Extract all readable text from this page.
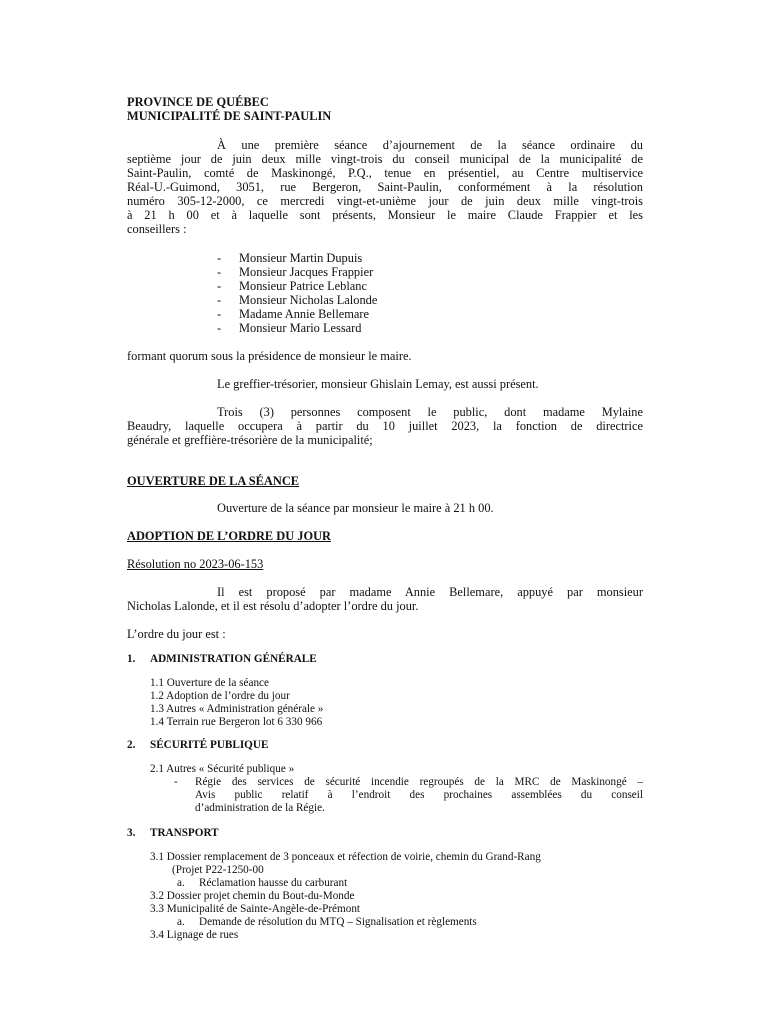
PROVINCE DE QUÉBEC
MUNICIPALITÉ DE SAINT-PAULIN
À une première séance d’ajournement de la séance ordinaire du
septième jour de juin deux mille vingt-trois du conseil municipal de la municipalité de
Saint-Paulin, comté de Maskinongé, P.Q., tenue en présentiel, au Centre multiservice
Réal-U.-Guimond, 3051, rue Bergeron, Saint-Paulin, conformément à la résolution
numéro 305-12-2000, ce mercredi vingt-et-unième jour de juin deux mille vingt-trois
à 21 h 00 et à laquelle sont présents, Monsieur le maire Claude Frappier et les
conseillers :
- Monsieur Martin Dupuis
- Monsieur Jacques Frappier
- Monsieur Patrice Leblanc
- Monsieur Nicholas Lalonde
- Madame Annie Bellemare
- Monsieur Mario Lessard
formant quorum sous la présidence de monsieur le maire.
Le greffier-trésorier, monsieur Ghislain Lemay, est aussi présent.
Trois (3) personnes composent le public, dont madame Mylaine
Beaudry, laquelle occupera à partir du 10 juillet 2023, la fonction de directrice
générale et greffière-trésorière de la municipalité;
OUVERTURE DE LA SÉANCE
Ouverture de la séance par monsieur le maire à 21 h 00.
ADOPTION DE L’ORDRE DU JOUR
Résolution no 2023-06-153
Il est proposé par madame Annie Bellemare, appuyé par monsieur
Nicholas Lalonde, et il est résolu d’adopter l’ordre du jour.
L’ordre du jour est :
1. ADMINISTRATION GÉNÉRALE
1.1 Ouverture de la séance
1.2 Adoption de l’ordre du jour
1.3 Autres « Administration générale »
1.4 Terrain rue Bergeron lot 6 330 966
2. SÉCURITÉ PUBLIQUE
2.1 Autres « Sécurité publique »
- Régie des services de sécurité incendie regroupés de la MRC de Maskinongé –
Avis public relatif à l’endroit des prochaines assemblées du conseil
d’administration de la Régie.
3. TRANSPORT
3.1 Dossier remplacement de 3 ponceaux et réfection de voirie, chemin du Grand-Rang
(Projet P22-1250-00
a. Réclamation hausse du carburant
3.2 Dossier projet chemin du Bout-du-Monde
3.3 Municipalité de Sainte-Angèle-de-Prémont
a. Demande de résolution du MTQ – Signalisation et règlements
3.4 Lignage de rues
